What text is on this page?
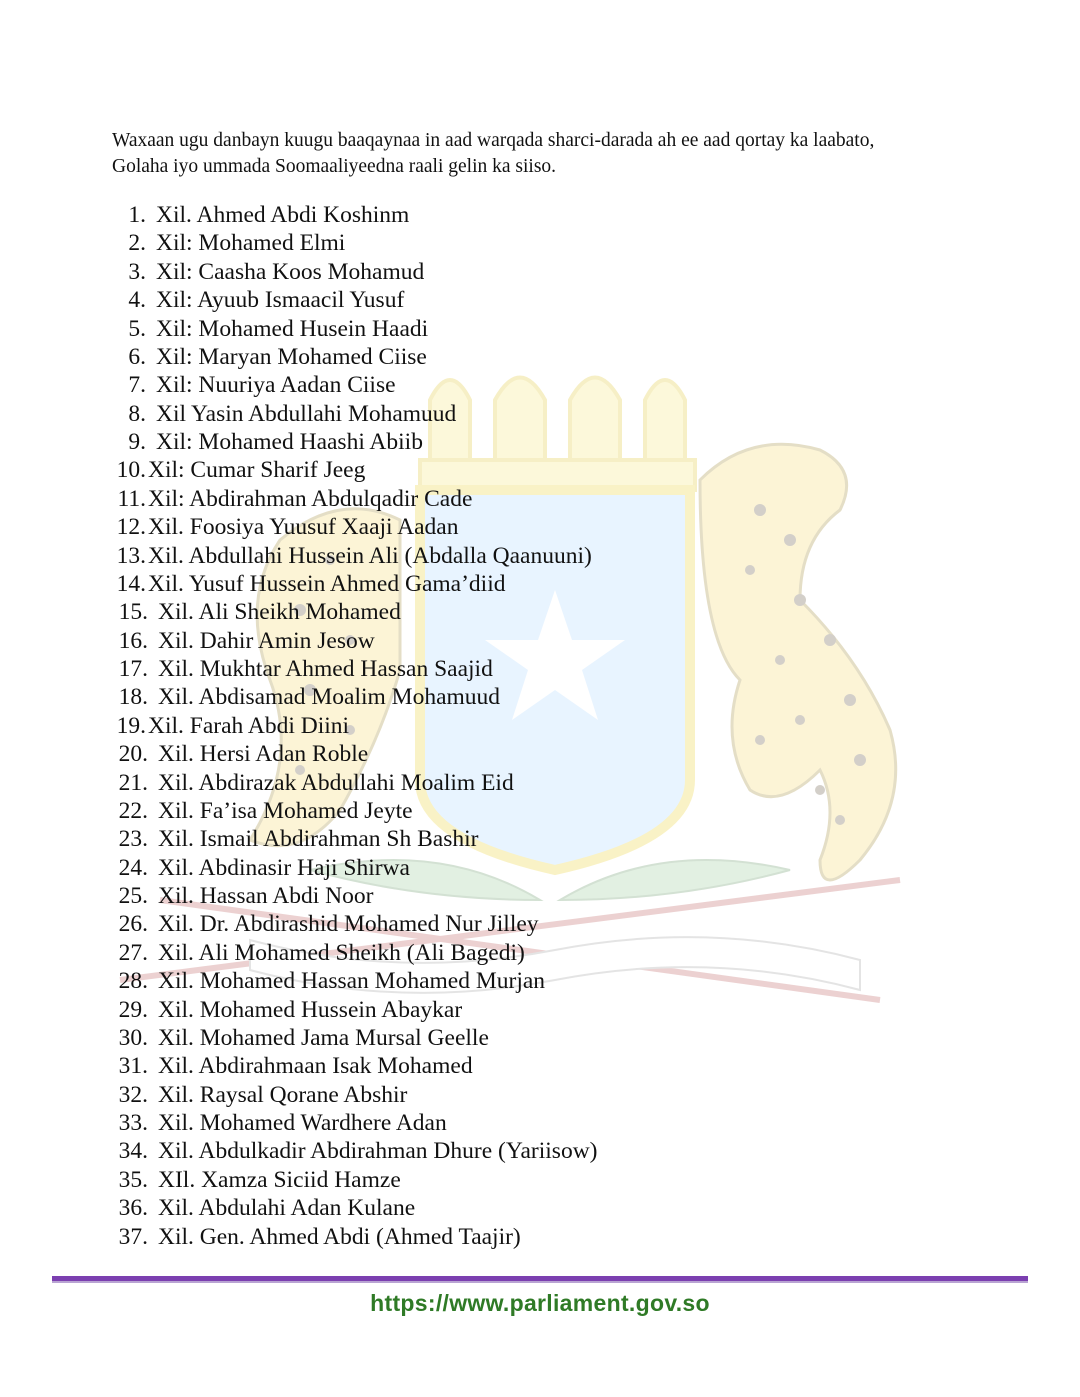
Waxaan ugu danbayn kuugu baaqaynaa in aad warqada sharci-darada ah ee aad qortay ka laabato,
Golaha iyo ummada Soomaaliyeedna raali gelin ka siiso.

1. Xil. Ahmed Abdi Koshinm
2. Xil: Mohamed Elmi
3. Xil: Caasha Koos Mohamud
4. Xil: Ayuub Ismaacil Yusuf
5. Xil: Mohamed Husein Haadi
6. Xil: Maryan Mohamed Ciise
7. Xil: Nuuriya Aadan Ciise
8. Xil Yasin Abdullahi Mohamuud
9. Xil: Mohamed Haashi Abiib
10.Xil: Cumar Sharif Jeeg
11.Xil: Abdirahman Abdulqadir Cade
12.Xil. Foosiya Yuusuf Xaaji Aadan
13.Xil. Abdullahi Hussein Ali (Abdalla Qaanuuni)
14.Xil. Yusuf Hussein Ahmed Gama’diid
15. Xil. Ali Sheikh Mohamed
16. Xil. Dahir Amin Jesow
17. Xil. Mukhtar Ahmed Hassan Saajid
18. Xil. Abdisamad Moalim Mohamuud
19.Xil. Farah Abdi Diini
20. Xil. Hersi Adan Roble
21. Xil. Abdirazak Abdullahi Moalim Eid
22. Xil. Fa’isa Mohamed Jeyte
23. Xil. Ismail Abdirahman Sh Bashir
24. Xil. Abdinasir Haji Shirwa
25. Xil. Hassan Abdi Noor
26. Xil. Dr. Abdirashid Mohamed Nur Jilley
27. Xil. Ali Mohamed Sheikh (Ali Bagedi)
28. Xil. Mohamed Hassan Mohamed Murjan
29. Xil. Mohamed Hussein Abaykar
30. Xil. Mohamed Jama Mursal Geelle
31. Xil. Abdirahmaan Isak Mohamed
32. Xil. Raysal Qorane Abshir
33. Xil. Mohamed Wardhere Adan
34. Xil. Abdulkadir Abdirahman Dhure (Yariisow)
35. XIl. Xamza Siciid Hamze
36. Xil. Abdulahi Adan Kulane
37. Xil. Gen. Ahmed Abdi (Ahmed Taajir)
https://www.parliament.gov.so
